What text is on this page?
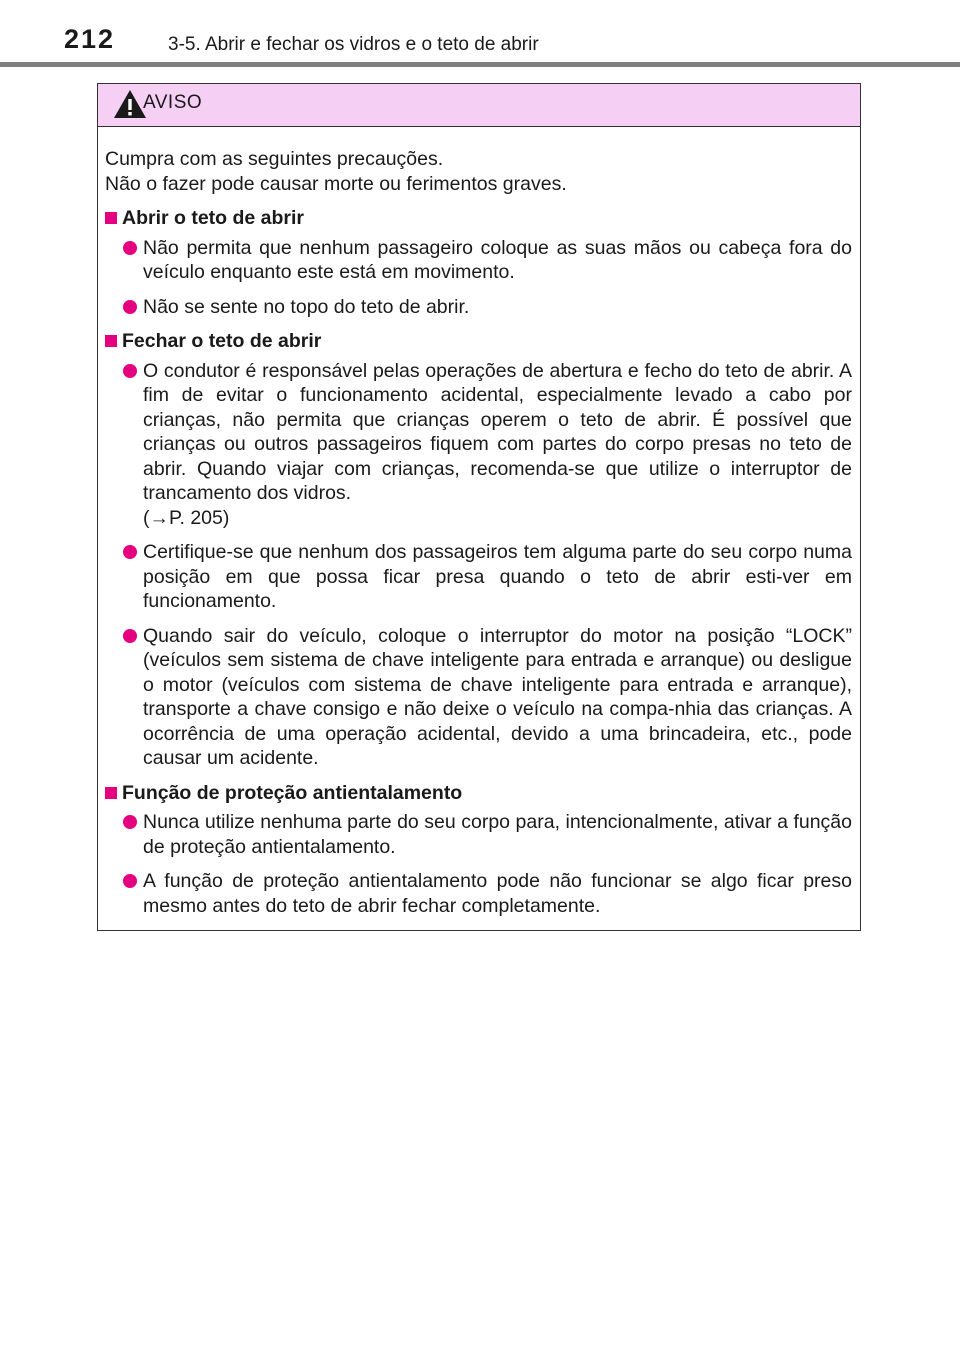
212	3-5. Abrir e fechar os vidros e o teto de abrir
AVISO

Cumpra com as seguintes precauções.

Não o fazer pode causar morte ou ferimentos graves.

Abrir o teto de abrir

Não permita que nenhum passageiro coloque as suas mãos ou cabeça fora do veículo enquanto este está em movimento.
Não se sente no topo do teto de abrir.

Fechar o teto de abrir

O condutor é responsável pelas operações de abertura e fecho do teto de abrir. A fim de evitar o funcionamento acidental, especialmente levado a cabo por crianças, não permita que crianças operem o teto de abrir. É possível que crianças ou outros passageiros fiquem com partes do corpo presas no teto de abrir. Quando viajar com crianças, recomenda-se que utilize o interruptor de trancamento dos vidros.
(→P. 205)
Certifique-se que nenhum dos passageiros tem alguma parte do seu corpo numa posição em que possa ficar presa quando o teto de abrir esti-ver em funcionamento.
Quando sair do veículo, coloque o interruptor do motor na posição “LOCK” (veículos sem sistema de chave inteligente para entrada e arranque) ou desligue o motor (veículos com sistema de chave inteligente para entrada e arranque), transporte a chave consigo e não deixe o veículo na compa-nhia das crianças. A ocorrência de uma operação acidental, devido a uma brincadeira, etc., pode causar um acidente.

Função de proteção antientalamento

Nunca utilize nenhuma parte do seu corpo para, intencionalmente, ativar a função de proteção antientalamento.
A função de proteção antientalamento pode não funcionar se algo ficar preso mesmo antes do teto de abrir fechar completamente.
